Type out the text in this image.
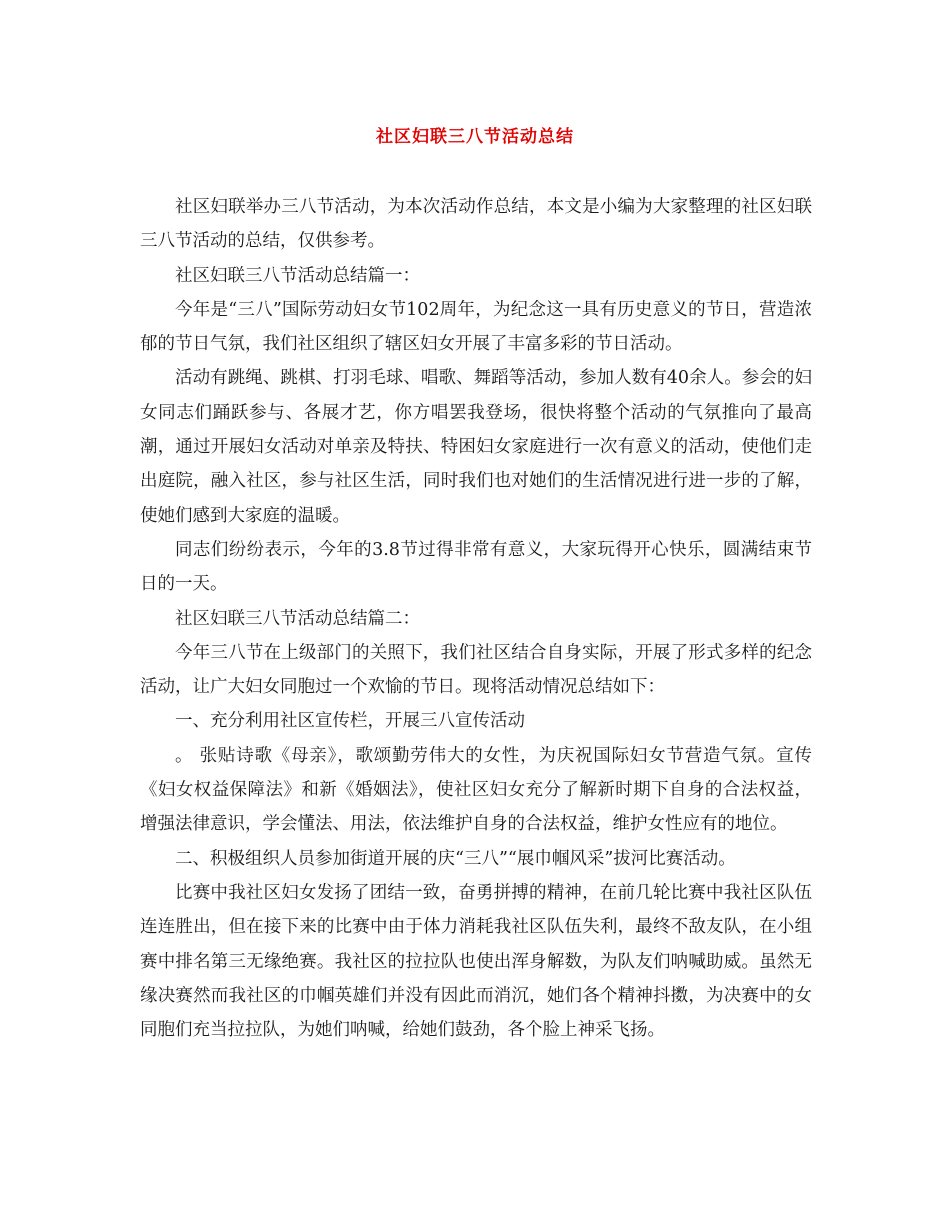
社区妇联三八节活动总结

社区妇联举办三八节活动，为本次活动作总结，本文是小编为大家整理的社区妇联三八节活动的总结，仅供参考。

社区妇联三八节活动总结篇一：

今年是“三八”国际劳动妇女节102周年，为纪念这一具有历史意义的节日，营造浓郁的节日气氛，我们社区组织了辖区妇女开展了丰富多彩的节日活动。

活动有跳绳、跳棋、打羽毛球、唱歌、舞蹈等活动，参加人数有40余人。参会的妇女同志们踊跃参与、各展才艺，你方唱罢我登场，很快将整个活动的气氛推向了最高潮，通过开展妇女活动对单亲及特扶、特困妇女家庭进行一次有意义的活动，使他们走出庭院，融入社区，参与社区生活，同时我们也对她们的生活情况进行进一步的了解，使她们感到大家庭的温暖。

同志们纷纷表示，今年的3.8节过得非常有意义，大家玩得开心快乐，圆满结束节日的一天。

社区妇联三八节活动总结篇二：

今年三八节在上级部门的关照下，我们社区结合自身实际，开展了形式多样的纪念活动，让广大妇女同胞过一个欢愉的节日。现将活动情况总结如下：

一、充分利用社区宣传栏，开展三八宣传活动

。 张贴诗歌《母亲》，歌颂勤劳伟大的女性，为庆祝国际妇女节营造气氛。宣传《妇女权益保障法》和新《婚姻法》，使社区妇女充分了解新时期下自身的合法权益，增强法律意识，学会懂法、用法，依法维护自身的合法权益，维护女性应有的地位。

二、积极组织人员参加街道开展的庆“三八”“展巾帼风采”拔河比赛活动。

比赛中我社区妇女发扬了团结一致，奋勇拼搏的精神，在前几轮比赛中我社区队伍连连胜出，但在接下来的比赛中由于体力消耗我社区队伍失利，最终不敌友队，在小组赛中排名第三无缘绝赛。我社区的拉拉队也使出浑身解数，为队友们呐喊助威。虽然无缘决赛然而我社区的巾帼英雄们并没有因此而消沉，她们各个精神抖擞，为决赛中的女同胞们充当拉拉队，为她们呐喊，给她们鼓劲，各个脸上神采飞扬。
